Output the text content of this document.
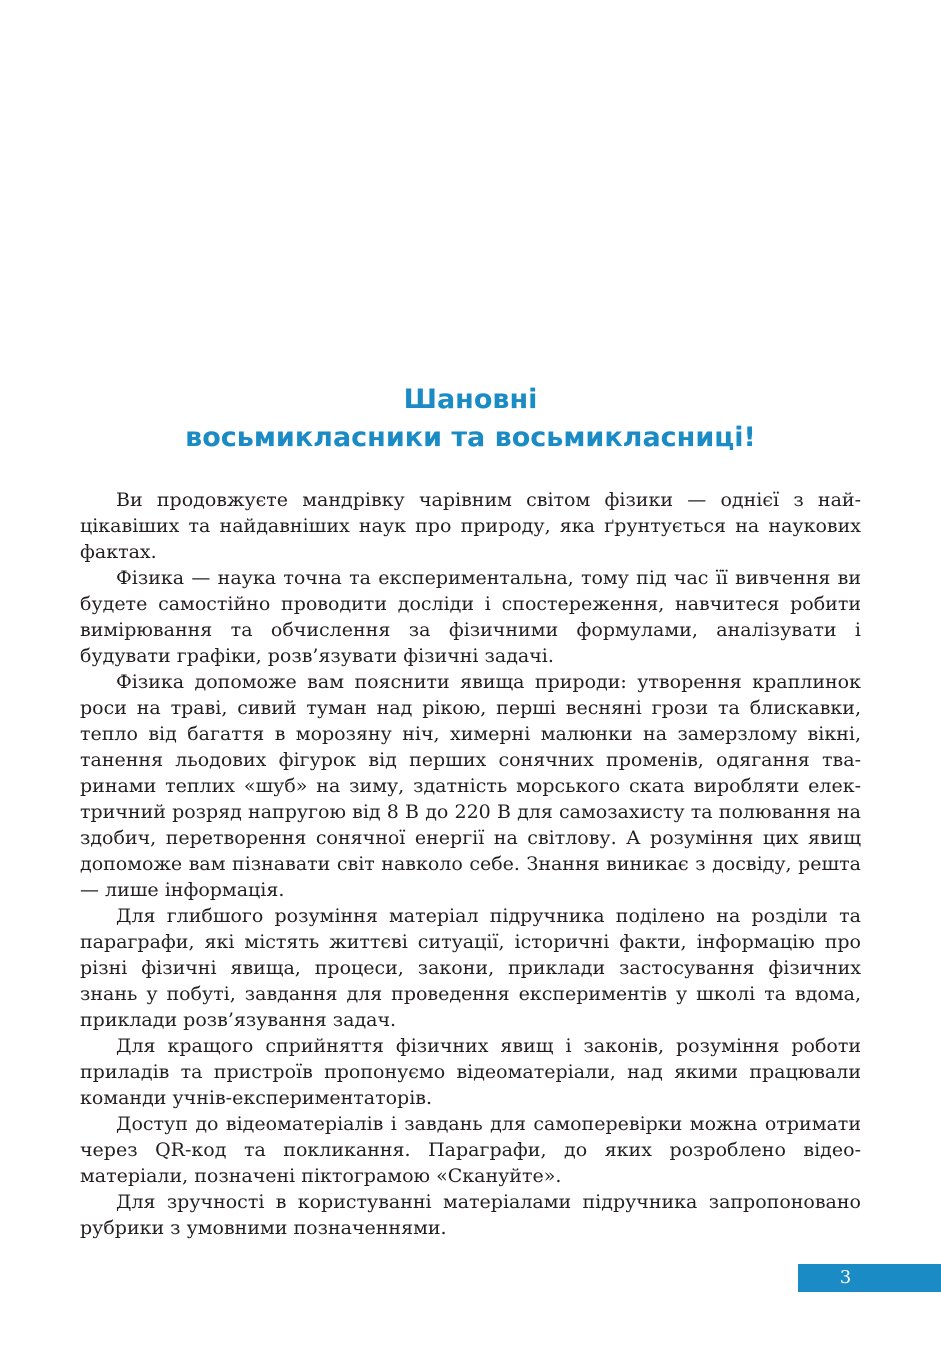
Шановні
восьмикласники та восьмикласниці!

Ви продовжуєте мандрівку чарівним світом фізики — однієї з найцікавіших та найдавніших наук про природу, яка ґрунтується на наукових фактах.

Фізика — наука точна та експериментальна, тому під час її вивчення ви будете самостійно проводити досліди і спостереження, навчитеся робити вимірювання та обчислення за фізичними формулами, аналізувати і будувати графіки, розв’язувати фізичні задачі.

Фізика допоможе вам пояснити явища природи: утворення краплинок роси на траві, сивий туман над рікою, перші весняні грози та блискавки, тепло від багаття в морозяну ніч, химерні малюнки на замерзлому вікні, танення льодових фігурок від перших сонячних променів, одягання тваринами теплих «шуб» на зиму, здатність морського ската виробляти електричний розряд напругою від 8 В до 220 В для самозахисту та полювання на здобич, перетворення сонячної енергії на світлову. А розуміння цих явищ допоможе вам пізнавати світ навколо себе. Знання виникає з досвіду, решта — лише інформація.

Для глибшого розуміння матеріал підручника поділено на розділи та параграфи, які містять життєві ситуації, історичні факти, інформацію про різні фізичні явища, процеси, закони, приклади застосування фізичних знань у побуті, завдання для проведення експериментів у школі та вдома, приклади розв’язування задач.

Для кращого сприйняття фізичних явищ і законів, розуміння роботи приладів та пристроїв пропонуємо відеоматеріали, над якими працювали команди учнів-експериментаторів.

Доступ до відеоматеріалів і завдань для самоперевірки можна отримати через QR-код та покликання. Параграфи, до яких розроблено відеоматеріали, позначені піктограмою «Скануйте».

Для зручності в користуванні матеріалами підручника запропоновано рубрики з умовними позначеннями.

3
